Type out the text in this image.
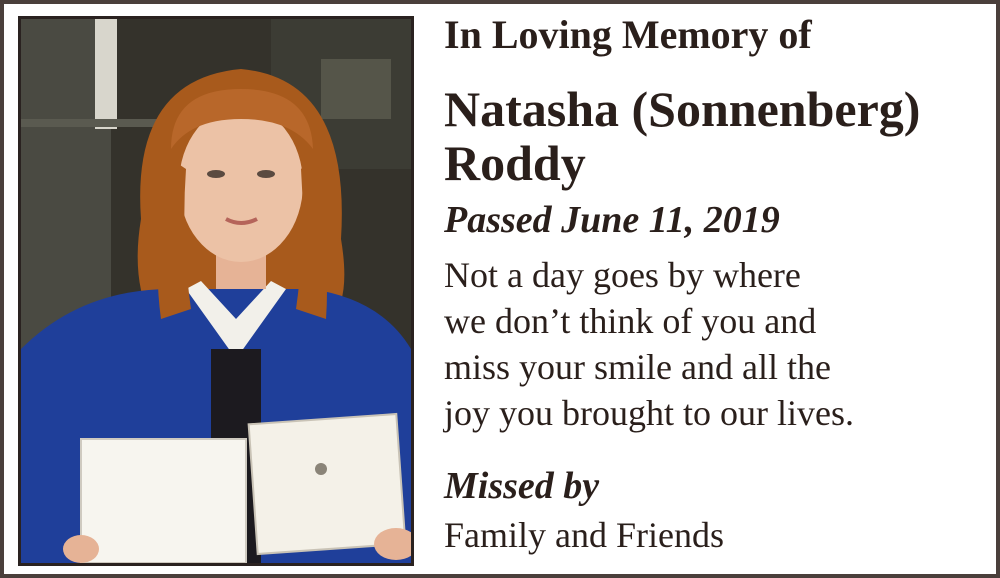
In Loving Memory of
Natasha (Sonnenberg)
Roddy
Passed June 11, 2019
Not a day goes by where
we don’t think of you and
miss your smile and all the
joy you brought to our lives.
Missed by
Family and Friends
